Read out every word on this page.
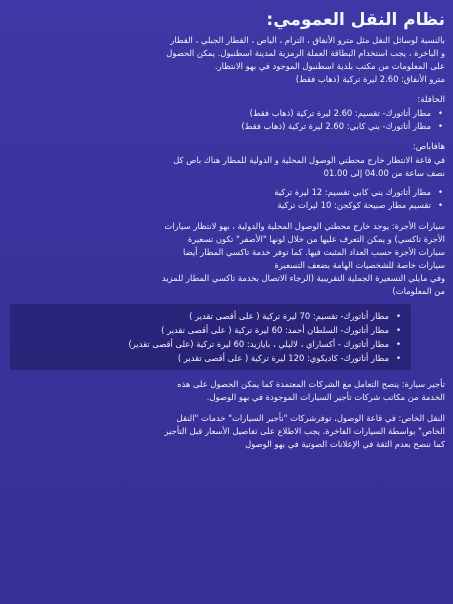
نظام النقل العمومي:

بالنسبة لوسائل النقل مثل مترو الأنفاق ، الترام ، الباص ، القطار الجبلي ، القطار

و الباخرة ، يجب استخدام البطاقة العملة الرمزية لمدينة اسطنبول. يمكن الحصول

على المعلومات من مكتب بلدية اسطنبول الموجود في بهو الانتظار.

مترو الأنفاق: 2.60 ليرة تركية (ذهاب فقط)

الحافلة:

•
مطار أتاتورك- تقسيم: 2.60 ليرة تركية (ذهاب فقط)
•
مطار أتاتورك- يني كابي: 2.60 ليرة تركية (ذهاب فقط)

هافاباص:

في قاعة الانتظار خارج محطتي الوصول المحلية و الدولية للمطار هناك باص كل

نصف ساعة من 04.00 إلى 01.00

•
مطار أتاتورك يني كابي تقسيم: 12 ليرة تركية
•
تقسيم مطار صبيحة كوكجن: 10 ليرات تركية

سيارات الأجرة: يوجد خارج محطتي الوصول المحلية والدولية ، بهو لانتظار سيارات

الأجرة تاكسي) و يمكن التعرف عليها من خلال لونها "الأصفر" تكون تسعيرة

سيارات الأجرة حسب العداد المثبت فيها. كما توفر خدمة تاكسي المطار أيضا

سيارات خاصة للشخصيات الهامة بضعف التسعيرة

وفي مايلي التسعيرة الجملية التقريبية (الرجاء الاتصال بخدمة تاكسي المطار للمزيد

من المعلومات)

•
مطار أتاتورك- تقسيم: 70 ليرة تركية ( على أقصى تقدير )
•
مطار أتاتورك- السلطان أحمد: 60 ليرة تركية ( على أقصى تقدير )
•
مطار أتاتورك - أكساراي ، لاليلي ، بايازيد: 60 ليرة تركية (على أقصى تقدير)
•
مطار أتاتورك- كاديكوي: 120 ليرة تركية ( على أقصى تقدير )

تأجير سيارة: ينصح التعامل مع الشركات المعتمدة كما يمكن الحصول على هذه

الخدمة من مكاتب شركات تأجير السيارات الموجودة في بهو الوصول.

النقل الخاص: في قاعة الوصول، توفرشركات "تأجير السيارات" خدمات "النقل

الخاص" بواسطة السيارات الفاخرة. يجب الاطلاع على تفاصيل الأسعار قبل التأجير

كما ننصح بعدم الثقة في الإعلانات الصوتية في بهو الوصول
